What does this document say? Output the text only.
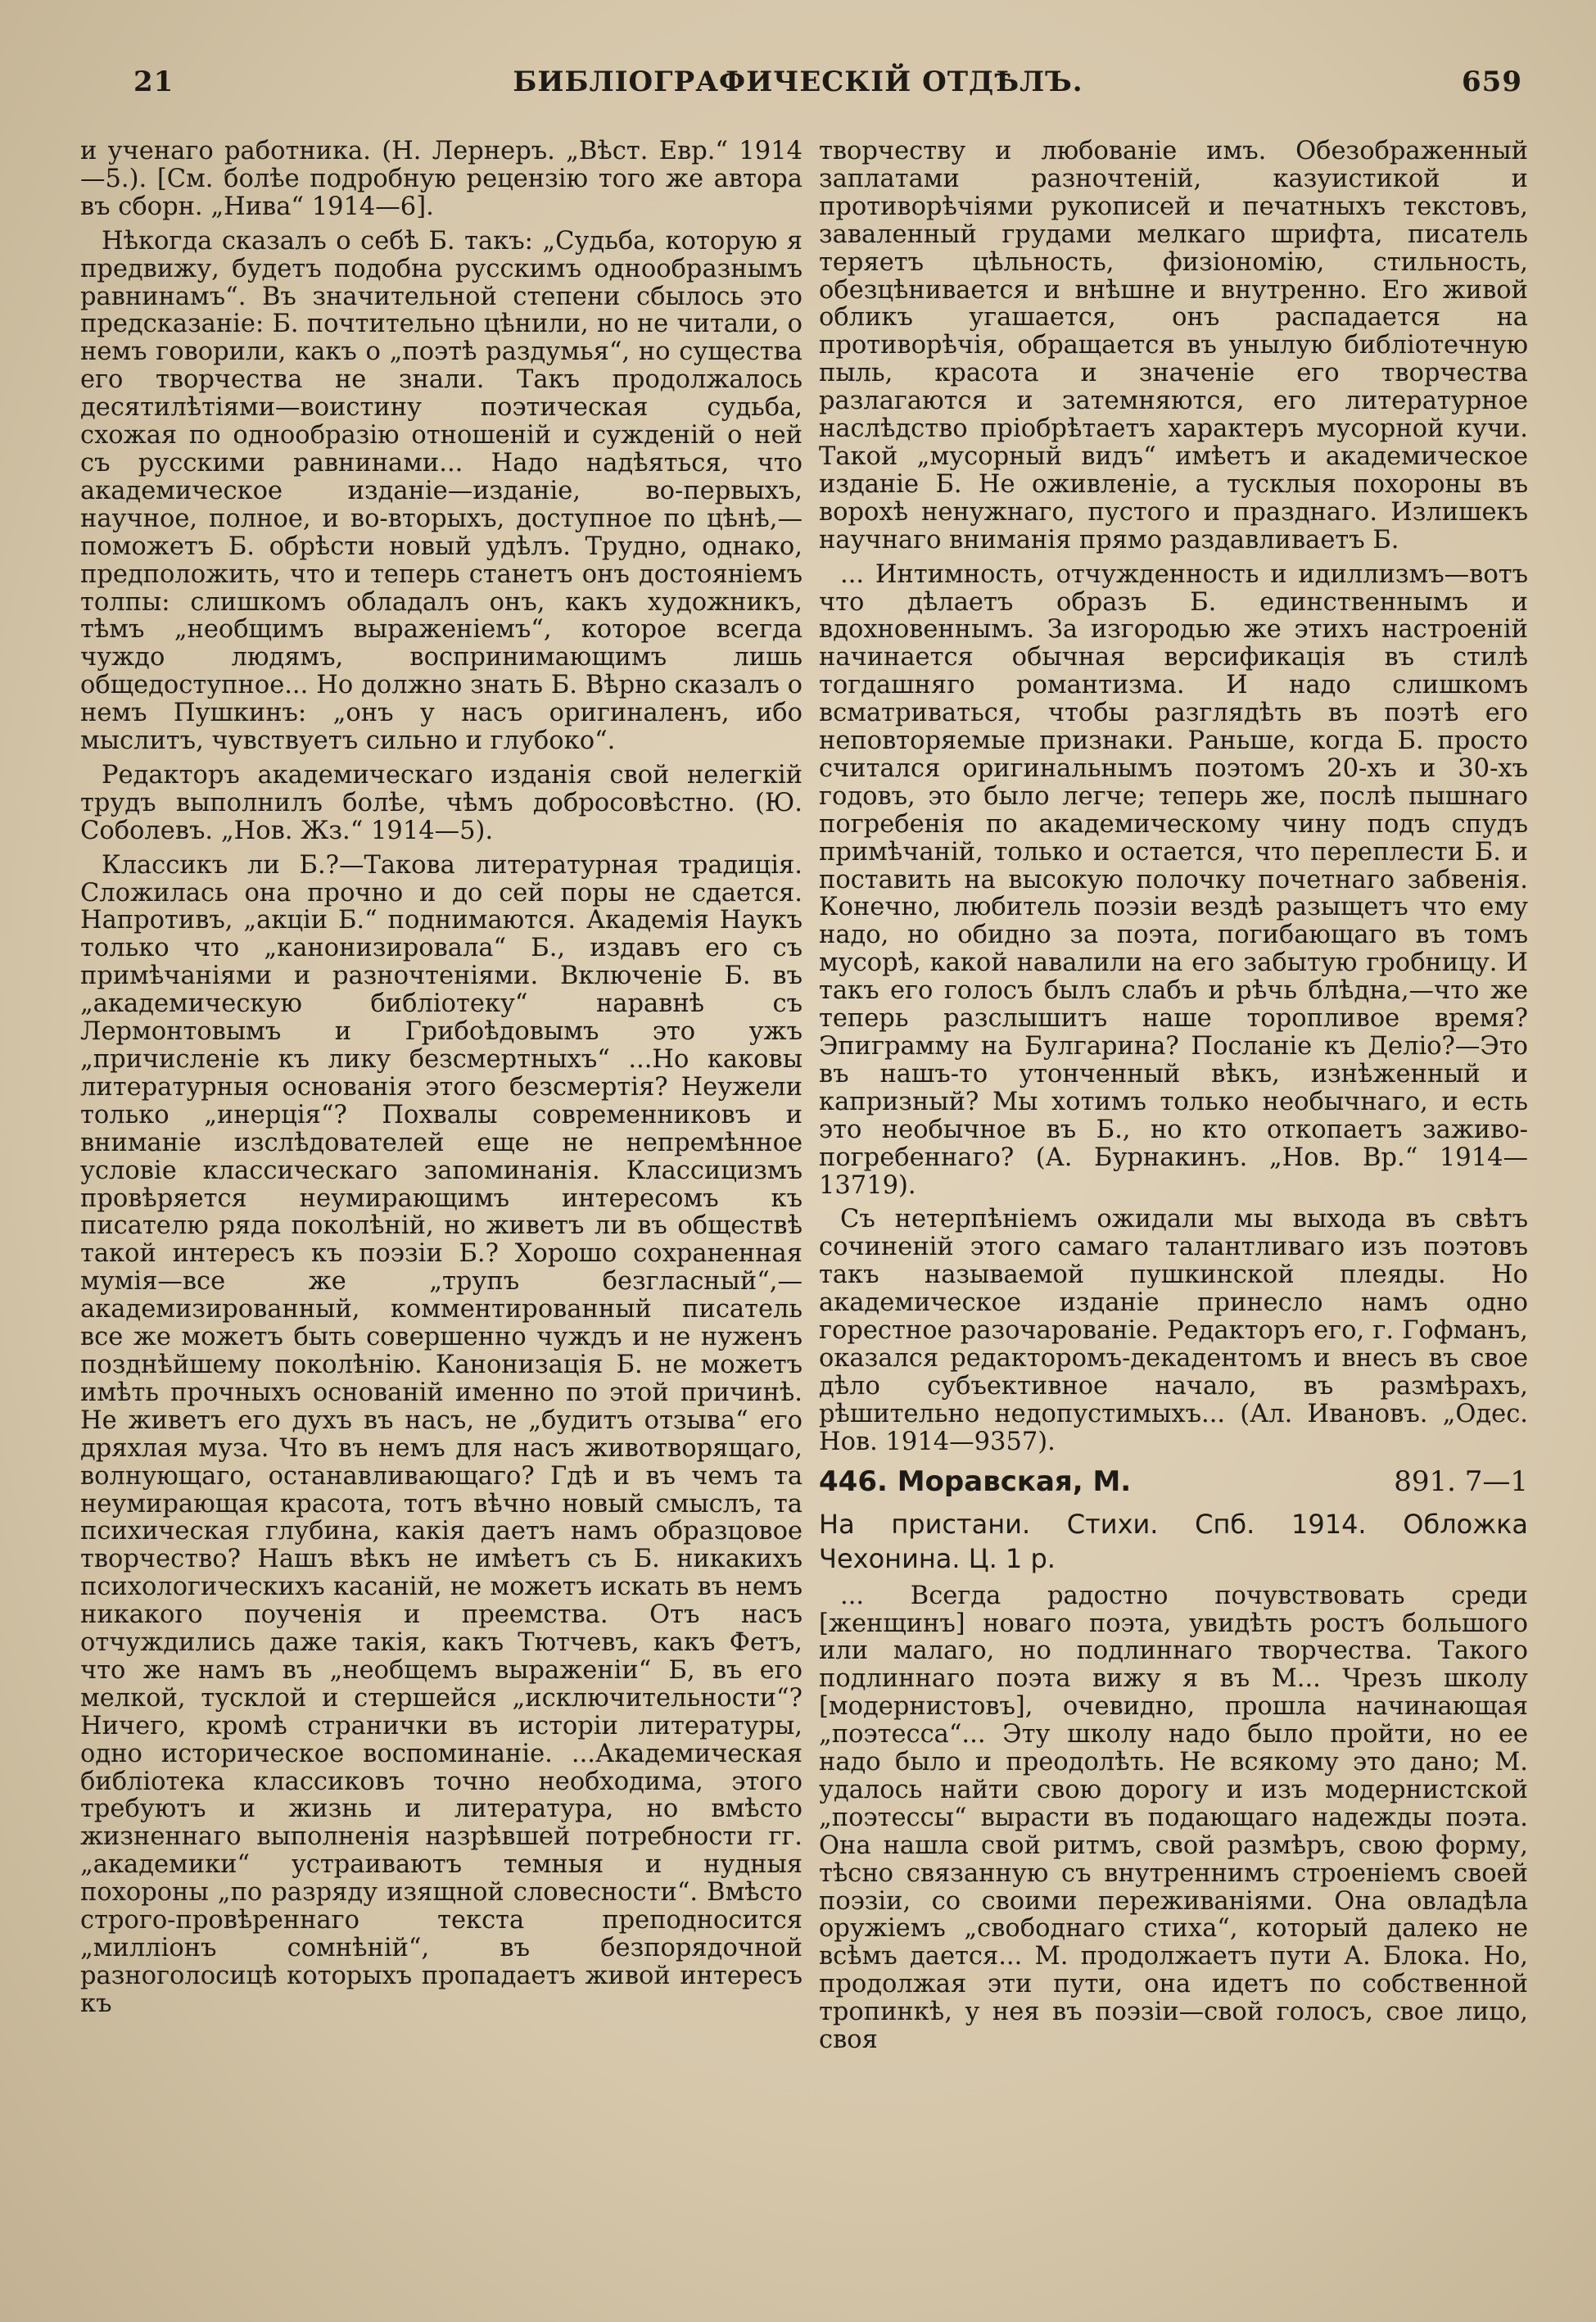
21	БИБЛІОГРАФИЧЕСКІЙ ОТДѢЛЪ.	659

и ученаго работника. (Н. Лернеръ. „Вѣст. Евр.“ 1914—5.). [См. болѣе подробную рецензію того же автора въ сборн. „Нива“ 1914—6].

Нѣкогда сказалъ о себѣ Б. такъ: „Судьба, которую я предвижу, будетъ подобна русскимъ однообразнымъ равнинамъ“. Въ значительной степени сбылось это предсказаніе: Б. почтительно цѣнили, но не читали, о немъ говорили, какъ о „поэтѣ раздумья“, но существа его творчества не знали. Такъ продолжалось десятилѣтіями—воистину поэтическая судьба, схожая по однообразію отношеній и сужденій о ней съ русскими равнинами... Надо надѣяться, что академическое изданіе—изданіе, во-первыхъ, научное, полное, и во-вторыхъ, доступное по цѣнѣ,—поможетъ Б. обрѣсти новый удѣлъ. Трудно, однако, предположить, что и теперь станетъ онъ достояніемъ толпы: слишкомъ обладалъ онъ, какъ художникъ, тѣмъ „необщимъ выраженіемъ“, которое всегда чуждо людямъ, воспринимающимъ лишь общедоступное... Но должно знать Б. Вѣрно сказалъ о немъ Пушкинъ: „онъ у насъ оригиналенъ, ибо мыслитъ, чувствуетъ сильно и глубоко“.

Редакторъ академическаго изданія свой нелегкій трудъ выполнилъ болѣе, чѣмъ добросовѣстно. (Ю. Соболевъ. „Нов. Жз.“ 1914—5).

Классикъ ли Б.?—Такова литературная традиція. Сложилась она прочно и до сей поры не сдается. Напротивъ, „акціи Б.“ поднимаются. Академія Наукъ только что „канонизировала“ Б., издавъ его съ примѣчаніями и разночтеніями. Включеніе Б. въ „академическую библіотеку“ наравнѣ съ Лермонтовымъ и Грибоѣдовымъ это ужъ „причисленіе къ лику безсмертныхъ“ ...Но каковы литературныя основанія этого безсмертія? Неужели только „инерція“? Похвалы современниковъ и вниманіе изслѣдователей еще не непремѣнное условіе классическаго запоминанія. Классицизмъ провѣряется неумирающимъ интересомъ къ писателю ряда поколѣній, но живетъ ли въ обществѣ такой интересъ къ поэзіи Б.? Хорошо сохраненная мумія—все же „трупъ безгласный“,—академизированный, комментированный писатель все же можетъ быть совершенно чуждъ и не нуженъ позднѣйшему поколѣнію. Канонизація Б. не можетъ имѣть прочныхъ основаній именно по этой причинѣ. Не живетъ его духъ въ насъ, не „будитъ отзыва“ его дряхлая муза. Что въ немъ для насъ животворящаго, волнующаго, останавливающаго? Гдѣ и въ чемъ та неумирающая красота, тотъ вѣчно новый смыслъ, та психическая глубина, какія даетъ намъ образцовое творчество? Нашъ вѣкъ не имѣетъ съ Б. никакихъ психологическихъ касаній, не можетъ искать въ немъ никакого поученія и преемства. Отъ насъ отчуждились даже такія, какъ Тютчевъ, какъ Фетъ, что же намъ въ „необщемъ выраженіи“ Б, въ его мелкой, тусклой и стершейся „исключительности“? Ничего, кромѣ странички въ исторіи литературы, одно историческое воспоминаніе. ...Академическая библіотека классиковъ точно необходима, этого требуютъ и жизнь и литература, но вмѣсто жизненнаго выполненія назрѣвшей потребности гг. „академики“ устраиваютъ темныя и нудныя похороны „по разряду изящной словесности“. Вмѣсто строго-провѣреннаго текста преподносится „милліонъ сомнѣній“, въ безпорядочной разноголосицѣ которыхъ пропадаетъ живой интересъ къ

творчеству и любованіе имъ. Обезображенный заплатами разночтеній, казуистикой и противорѣчіями рукописей и печатныхъ текстовъ, заваленный грудами мелкаго шрифта, писатель теряетъ цѣльность, физіономію, стильность, обезцѣнивается и внѣшне и внутренно. Его живой обликъ угашается, онъ распадается на противорѣчія, обращается въ унылую библіотечную пыль, красота и значеніе его творчества разлагаются и затемняются, его литературное наслѣдство пріобрѣтаетъ характеръ мусорной кучи. Такой „мусорный видъ“ имѣетъ и академическое изданіе Б. Не оживленіе, а тусклыя похороны въ ворохѣ ненужнаго, пустого и празднаго. Излишекъ научнаго вниманія прямо раздавливаетъ Б.

... Интимность, отчужденность и идиллизмъ—вотъ что дѣлаетъ образъ Б. единственнымъ и вдохновеннымъ. За изгородью же этихъ настроеній начинается обычная версификація въ стилѣ тогдашняго романтизма. И надо слишкомъ всматриваться, чтобы разглядѣть въ поэтѣ его неповторяемые признаки. Раньше, когда Б. просто считался оригинальнымъ поэтомъ 20-хъ и 30-хъ годовъ, это было легче; теперь же, послѣ пышнаго погребенія по академическому чину подъ спудъ примѣчаній, только и остается, что переплести Б. и поставить на высокую полочку почетнаго забвенія. Конечно, любитель поэзіи вездѣ разыщетъ что ему надо, но обидно за поэта, погибающаго въ томъ мусорѣ, какой навалили на его забытую гробницу. И такъ его голосъ былъ слабъ и рѣчь блѣдна,—что же теперь разслышитъ наше торопливое время? Эпиграмму на Булгарина? Посланіе къ Деліо?—Это въ нашъ-то утонченный вѣкъ, изнѣженный и капризный? Мы хотимъ только необычнаго, и есть это необычное въ Б., но кто откопаетъ заживо-погребеннаго? (А. Бурнакинъ. „Нов. Вр.“ 1914—13719).

Съ нетерпѣніемъ ожидали мы выхода въ свѣтъ сочиненій этого самаго талантливаго изъ поэтовъ такъ называемой пушкинской плеяды. Но академическое изданіе принесло намъ одно горестное разочарованіе. Редакторъ его, г. Гофманъ, оказался редакторомъ-декадентомъ и внесъ въ свое дѣло субъективное начало, въ размѣрахъ, рѣшительно недопустимыхъ... (Ал. Ивановъ. „Одес. Нов. 1914—9357).

446. Моравская, М.	891. 7—1

На пристани. Стихи. Спб. 1914. Обложка Чехонина. Ц. 1 р.

... Всегда радостно почувствовать среди [женщинъ] новаго поэта, увидѣть ростъ большого или малаго, но подлиннаго творчества. Такого подлиннаго поэта вижу я въ М... Чрезъ школу [модернистовъ], очевидно, прошла начинающая „поэтесса“... Эту школу надо было пройти, но ее надо было и преодолѣть. Не всякому это дано; М. удалось найти свою дорогу и изъ модернистской „поэтессы“ вырасти въ подающаго надежды поэта. Она нашла свой ритмъ, свой размѣръ, свою форму, тѣсно связанную съ внутреннимъ строеніемъ своей поэзіи, со своими переживаніями. Она овладѣла оружіемъ „свободнаго стиха“, который далеко не всѣмъ дается... М. продолжаетъ пути А. Блока. Но, продолжая эти пути, она идетъ по собственной тропинкѣ, у нея въ поэзіи—свой голосъ, свое лицо, своя
